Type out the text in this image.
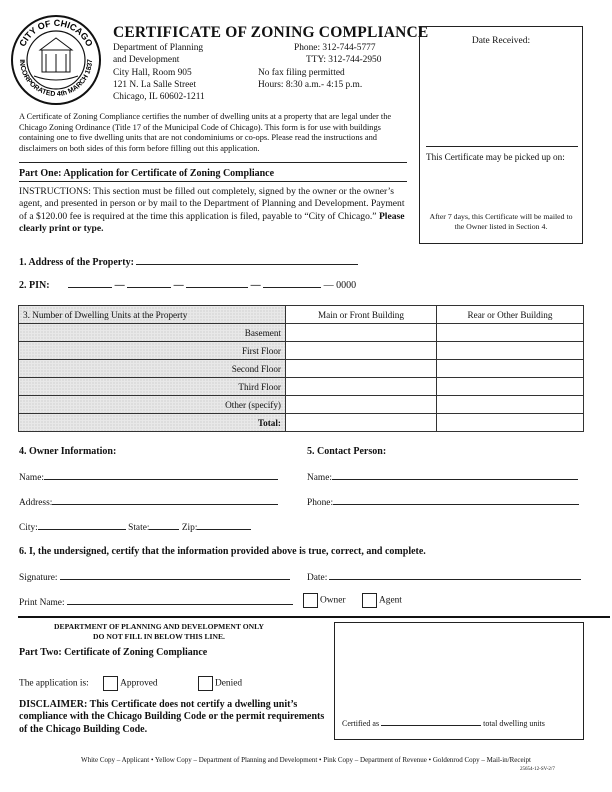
CITY OF CHICAGO
INCORPORATED 4th MARCH 1837
CERTIFICATE OF ZONING COMPLIANCE
Department of Planning
and Development
City Hall, Room 905
121 N. La Salle Street
Chicago, IL 60602-1211
Phone: 312-744-5777
TTY: 312-744-2950
No fax filing permitted
Hours: 8:30 a.m.- 4:15 p.m.
A Certificate of Zoning Compliance certifies the number of dwelling units at a property that are legal under the Chicago Zoning Ordinance (Title 17 of the Municipal Code of Chicago). This form is for use with buildings containing one to five dwelling units that are not condominiums or co-ops. Please read the instructions and disclaimers on both sides of this form before filling out this application.
Part One: Application for Certificate of Zoning Compliance
INSTRUCTIONS: This section must be filled out completely, signed by the owner or the owner’s agent, and presented in person or by mail to the Department of Planning and Development. Payment of a $120.00 fee is required at the time this application is filed, payable to “City of Chicago.” Please clearly print or type.
Date Received:
This Certificate may be picked up on:
After 7 days, this Certificate will be mailed to the Owner listed in Section 4.
1. Address of the Property:
2. PIN:	—	—	—	— 0000
3. Number of Dwelling Units at the Property	Main or Front Building	Rear or Other Building
Basement		
First Floor		
Second Floor		
Third Floor		
Other (specify)		
Total:		
4. Owner Information:
Name:
Address:
City:	State:	Zip:
5. Contact Person:
Name:
Phone:
6. I, the undersigned, certify that the information provided above is true, correct, and complete.
Signature:	Date:
Print Name:	Owner	Agent
DEPARTMENT OF PLANNING AND DEVELOPMENT ONLY
DO NOT FILL IN BELOW THIS LINE.
Part Two: Certificate of Zoning Compliance
The application is:	Approved	Denied
DISCLAIMER: This Certificate does not certify a dwelling unit’s compliance with the Chicago Building Code or the permit requirements of the Chicago Building Code.
Certified as	total dwelling units
White Copy – Applicant • Yellow Copy – Department of Planning and Development • Pink Copy – Department of Revenue • Goldenrod Copy – Mail-in/Receipt
25654-12-SV-2/7
